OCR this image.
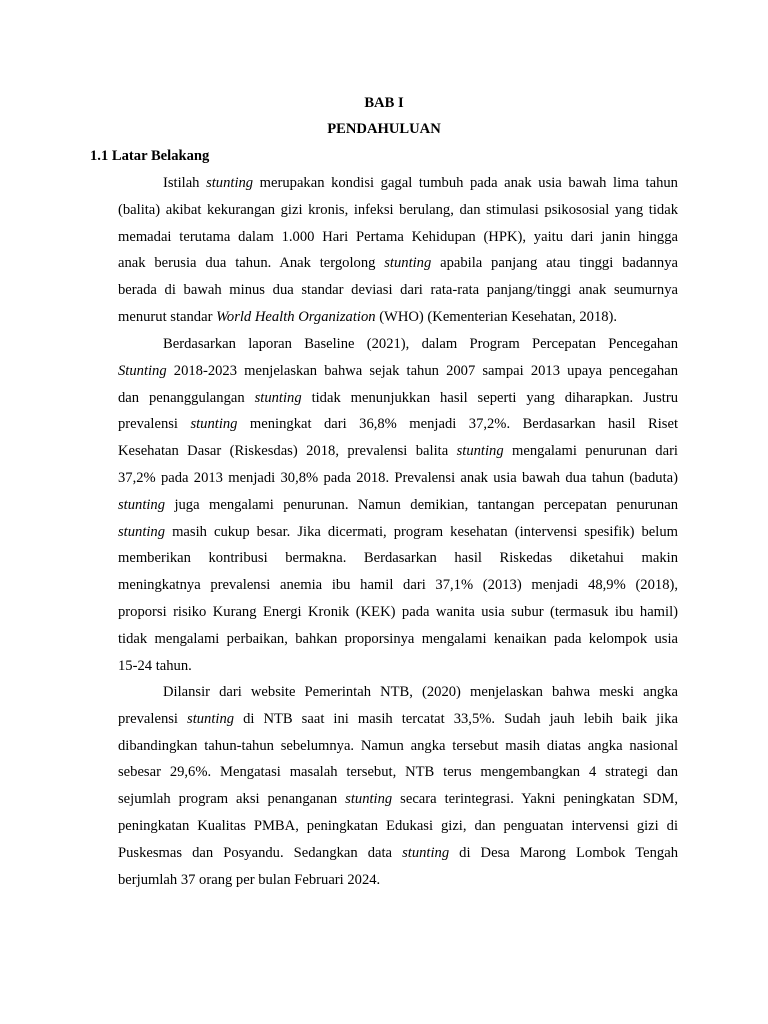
BAB I
PENDAHULUAN
1.1 Latar Belakang
Istilah stunting merupakan kondisi gagal tumbuh pada anak usia bawah lima tahun
(balita) akibat kekurangan gizi kronis, infeksi berulang, dan stimulasi psikososial yang tidak
memadai terutama dalam 1.000 Hari Pertama Kehidupan (HPK), yaitu dari janin hingga
anak berusia dua tahun. Anak tergolong stunting apabila panjang atau tinggi badannya
berada di bawah minus dua standar deviasi dari rata-rata panjang/tinggi anak seumurnya
menurut standar World Health Organization (WHO) (Kementerian Kesehatan, 2018).
Berdasarkan laporan Baseline (2021), dalam Program Percepatan Pencegahan
Stunting 2018-2023 menjelaskan bahwa sejak tahun 2007 sampai 2013 upaya pencegahan
dan penanggulangan stunting tidak menunjukkan hasil seperti yang diharapkan. Justru
prevalensi stunting meningkat dari 36,8% menjadi 37,2%. Berdasarkan hasil Riset
Kesehatan Dasar (Riskesdas) 2018, prevalensi balita stunting mengalami penurunan dari
37,2% pada 2013 menjadi 30,8% pada 2018. Prevalensi anak usia bawah dua tahun (baduta)
stunting juga mengalami penurunan. Namun demikian, tantangan percepatan penurunan
stunting masih cukup besar. Jika dicermati, program kesehatan (intervensi spesifik) belum
memberikan kontribusi bermakna. Berdasarkan hasil Riskedas diketahui makin
meningkatnya prevalensi anemia ibu hamil dari 37,1% (2013) menjadi 48,9% (2018),
proporsi risiko Kurang Energi Kronik (KEK) pada wanita usia subur (termasuk ibu hamil)
tidak mengalami perbaikan, bahkan proporsinya mengalami kenaikan pada kelompok usia
15-24 tahun.
Dilansir dari website Pemerintah NTB, (2020) menjelaskan bahwa meski angka
prevalensi stunting di NTB saat ini masih tercatat 33,5%. Sudah jauh lebih baik jika
dibandingkan tahun-tahun sebelumnya. Namun angka tersebut masih diatas angka nasional
sebesar 29,6%. Mengatasi masalah tersebut, NTB terus mengembangkan 4 strategi dan
sejumlah program aksi penanganan stunting secara terintegrasi. Yakni peningkatan SDM,
peningkatan Kualitas PMBA, peningkatan Edukasi gizi, dan penguatan intervensi gizi di
Puskesmas dan Posyandu. Sedangkan data stunting di Desa Marong Lombok Tengah
berjumlah 37 orang per bulan Februari 2024.
